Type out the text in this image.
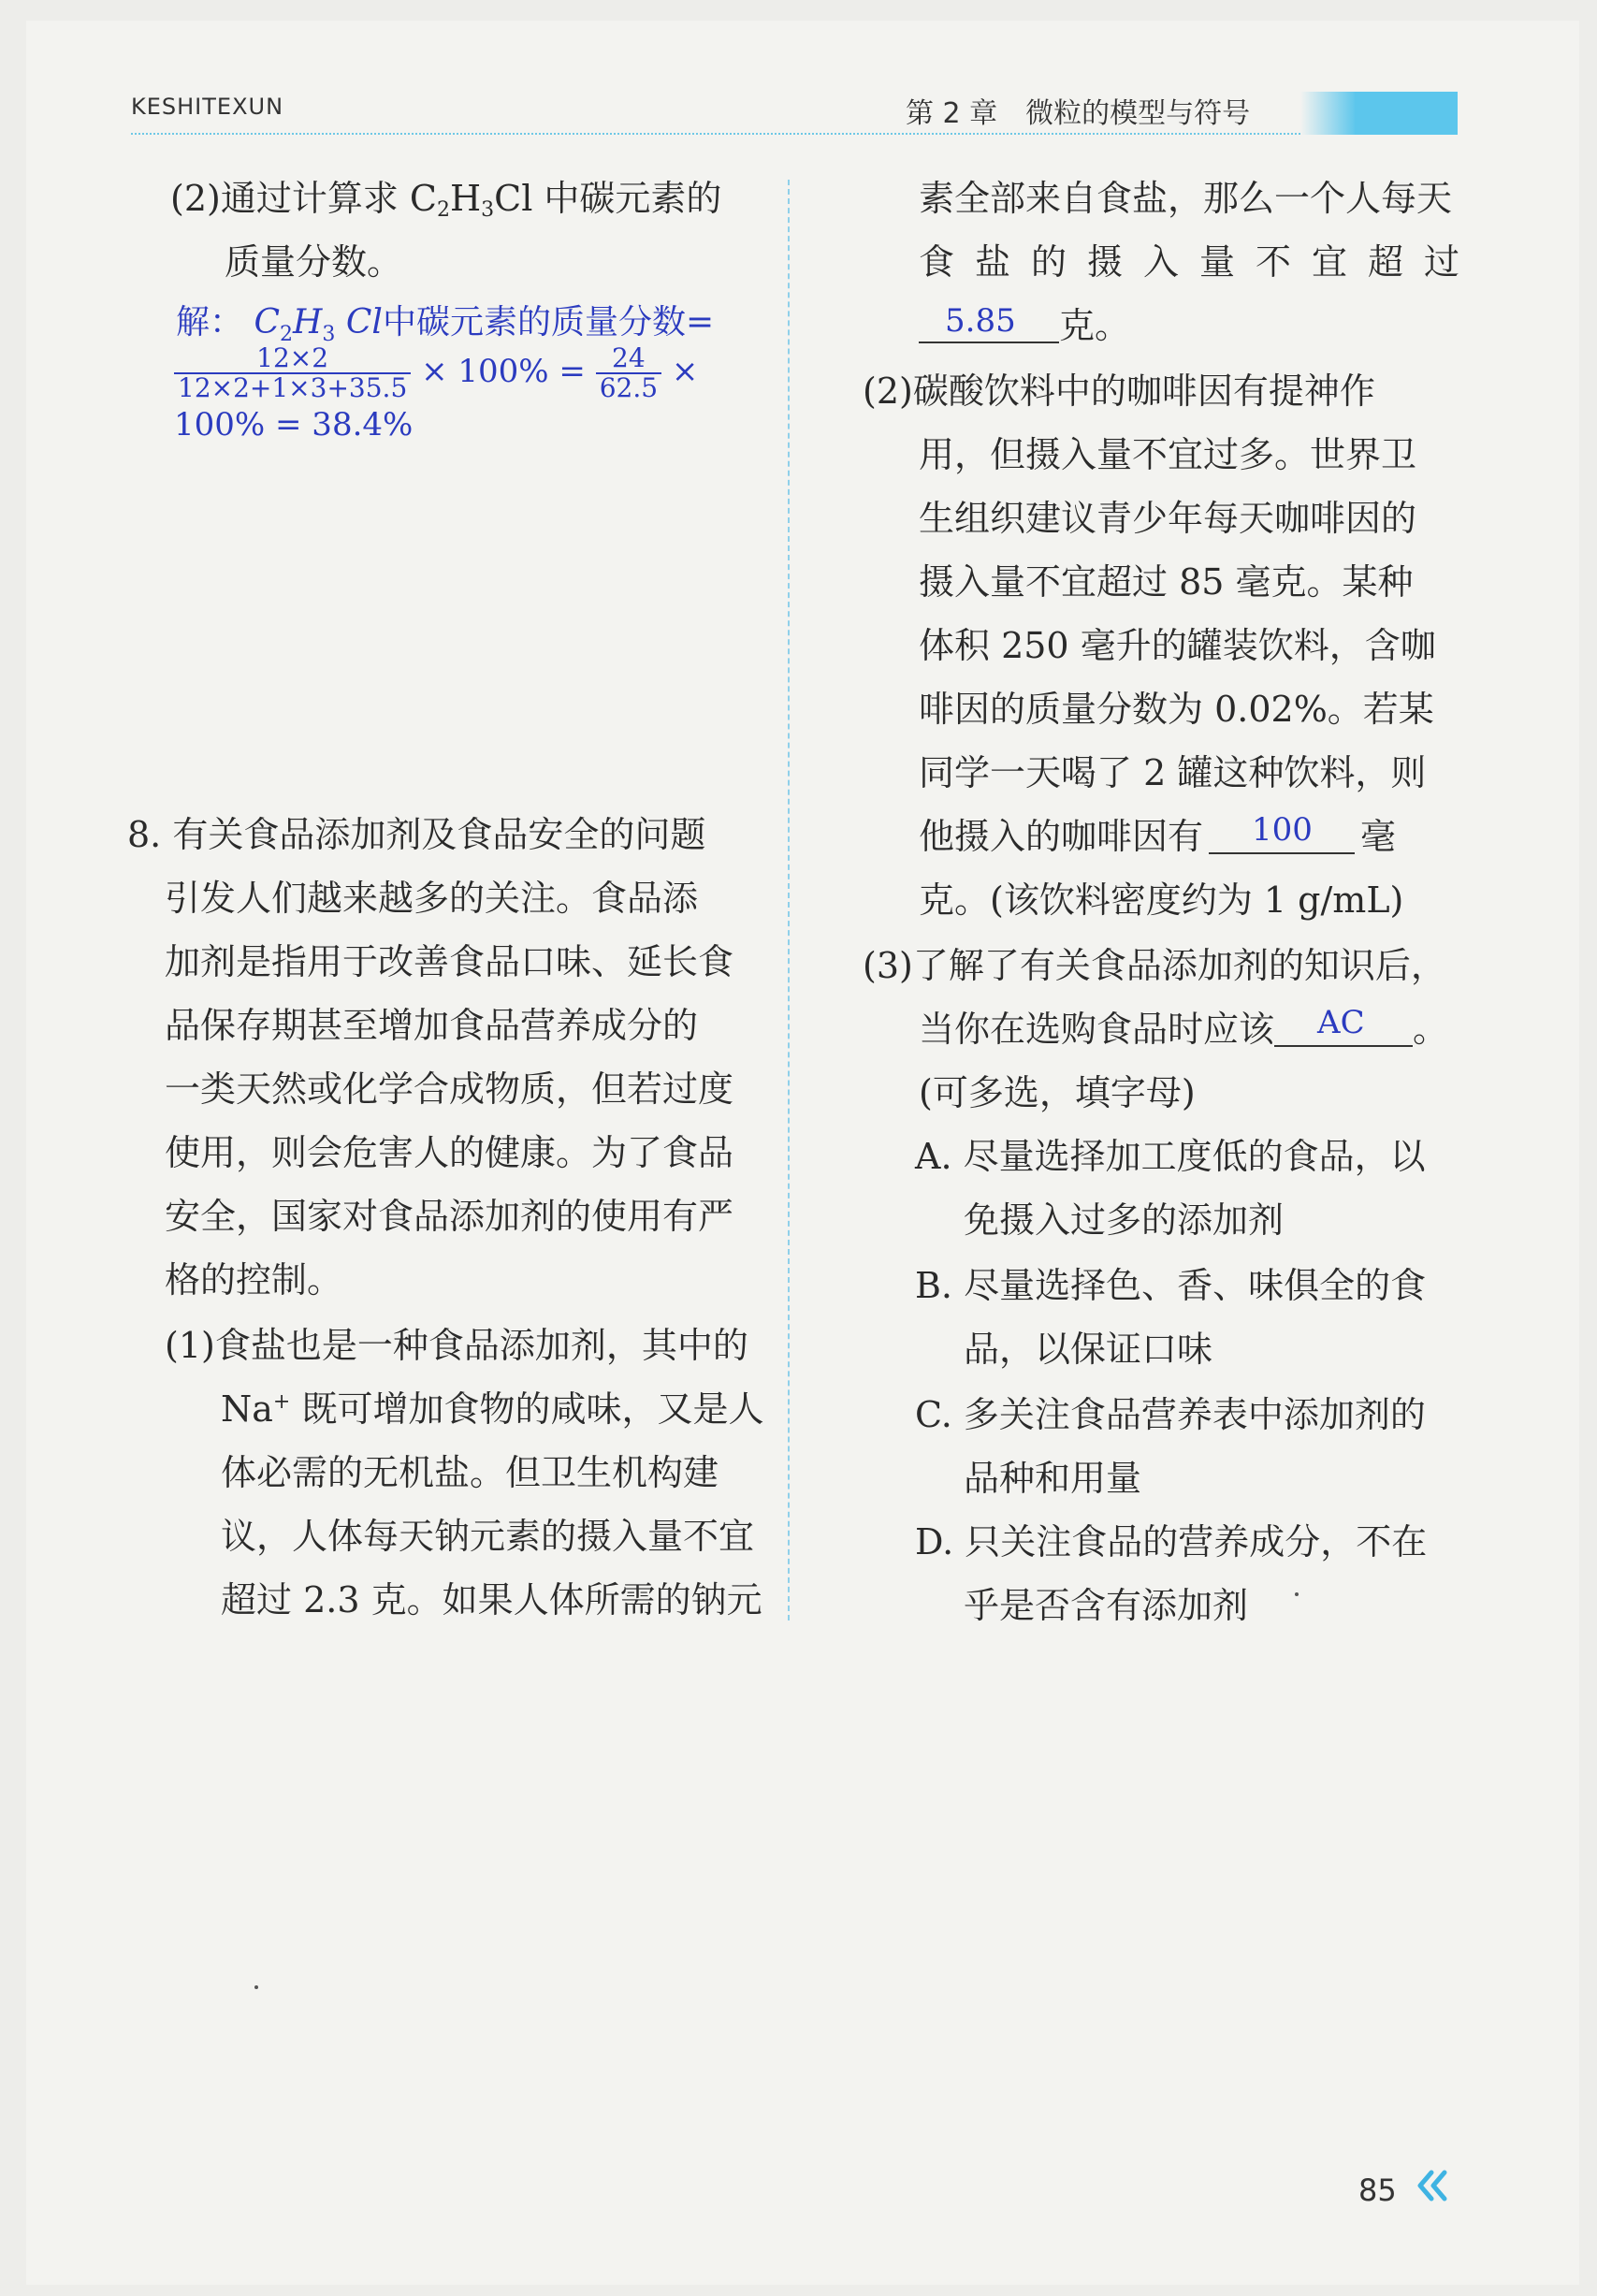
KESHITEXUN	第 2 章 微粒的模型与符号
(2)通过计算求 $C_2H_3Cl$ 中碳元素的
质量分数。
解： $C_2H_3$ Cl中碳元素的质量分数=
$\frac{12\times 2}{12\times 2+1\times 3+35.5} \times 100\% = \frac{24}{62.5}$ ×
100% = 38.4%
8. 有关食品添加剂及食品安全的问题
引发人们越来越多的关注。食品添
加剂是指用于改善食品口味、延长食
品保存期甚至增加食品营养成分的
一类天然或化学合成物质，但若过度
使用，则会危害人的健康。为了食品
安全，国家对食品添加剂的使用有严
格的控制。
(1)食盐也是一种食品添加剂，其中的
Na+ 既可增加食物的咸味，又是人
体必需的无机盐。但卫生机构建
议，人体每天钠元素的摄入量不宜
超过 2.3 克。如果人体所需的钠元
素全部来自食盐，那么一个人每天
食 盐 的 摄 入 量 不 宜 超 过
5.85 克。
(2)碳酸饮料中的咖啡因有提神作
用，但摄入量不宜过多。世界卫
生组织建议青少年每天咖啡因的
摄入量不宜超过 85 毫克。某种
体积 250 毫升的罐装饮料，含咖
啡因的质量分数为 0.02%。若某
同学一天喝了 2 罐这种饮料，则
他摄入的咖啡因有 100 毫
克。(该饮料密度约为 1 g/mL)
(3)了解了有关食品添加剂的知识后，
当你在选购食品时应该 AC 。
(可多选，填字母)
A. 尽量选择加工度低的食品，以
免摄入过多的添加剂
B. 尽量选择色、香、味俱全的食
品，以保证口味
C. 多关注食品营养表中添加剂的
品种和用量
D. 只关注食品的营养成分，不在
乎是否含有添加剂
85
